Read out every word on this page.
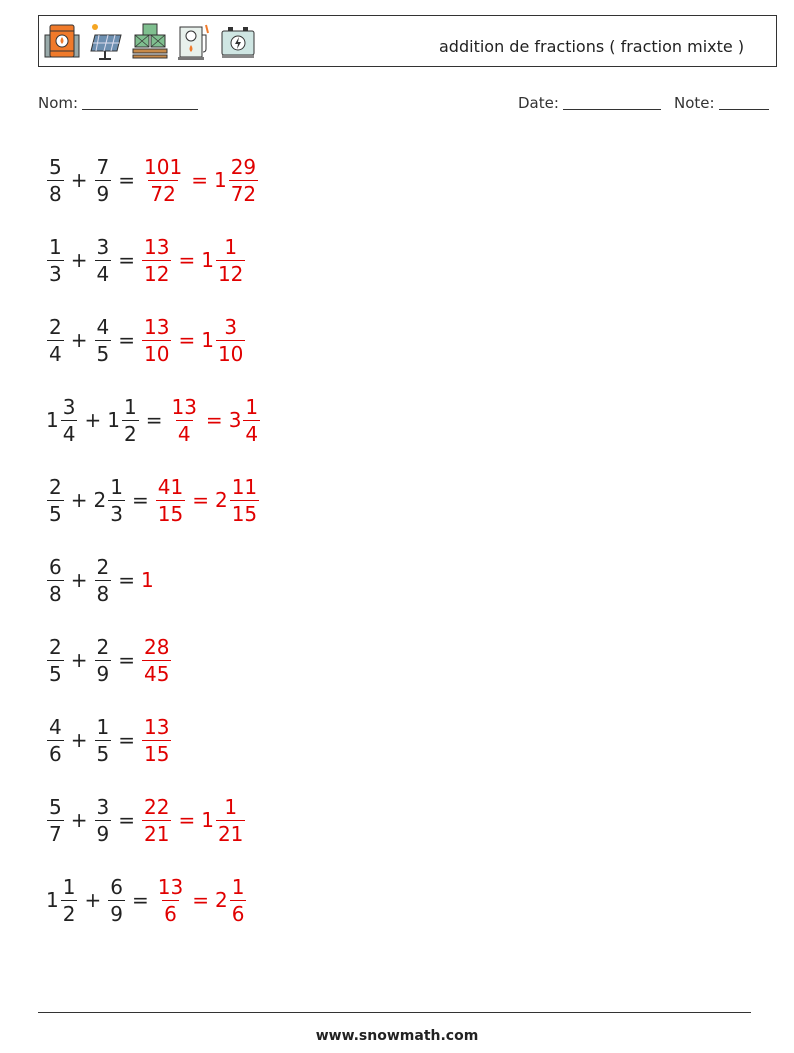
addition de fractions ( fraction mixte )
Nom:	Date:	Note:
$\frac{5}{8} + \frac{7}{9} = \frac{101}{72} = 1 \frac{29}{72}$
$\frac{1}{3} + \frac{3}{4} = \frac{13}{12} = 1 \frac{1}{12}$
$\frac{2}{4} + \frac{4}{5} = \frac{13}{10} = 1 \frac{3}{10}$
$1 \frac{3}{4} + 1 \frac{1}{2} = \frac{13}{4} = 3 \frac{1}{4}$
$\frac{2}{5} + 2 \frac{1}{3} = \frac{41}{15} = 2 \frac{11}{15}$
$\frac{6}{8} + \frac{2}{8} = 1$
$\frac{2}{5} + \frac{2}{9} = \frac{28}{45}$
$\frac{4}{6} + \frac{1}{5} = \frac{13}{15}$
$\frac{5}{7} + \frac{3}{9} = \frac{22}{21} = 1 \frac{1}{21}$
$1 \frac{1}{2} + \frac{6}{9} = \frac{13}{6} = 2 \frac{1}{6}$
www.snowmath.com
